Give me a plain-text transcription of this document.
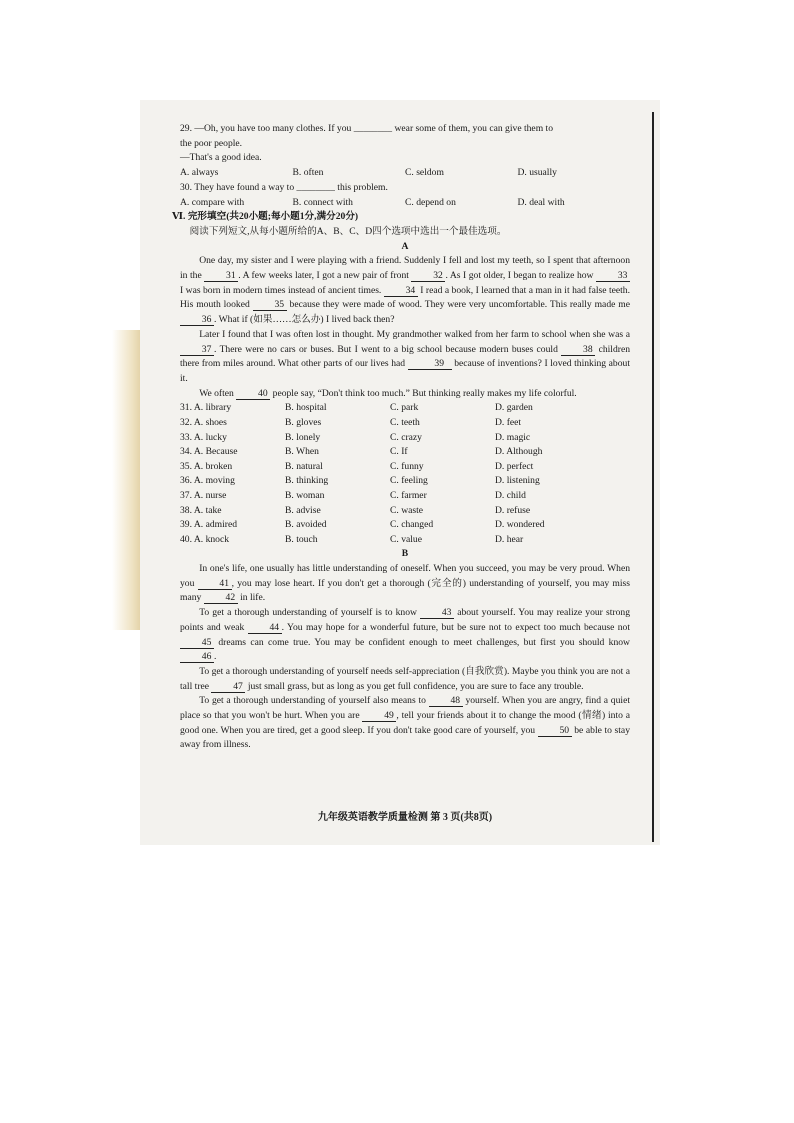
29. —Oh, you have too many clothes. If you ________ wear some of them, you can give them to

the poor people.

—That's a good idea.

A. always	B. often	C. seldom	D. usually

30. They have found a way to ________ this problem.

A. compare with	B. connect with	C. depend on	D. deal with

Ⅵ. 完形填空(共20小题;每小题1分,满分20分)

阅读下列短文,从每小题所给的A、B、C、D四个选项中选出一个最佳选项。

A

One day, my sister and I were playing with a friend. Suddenly I fell and lost my teeth, so I spent that afternoon in the 31 . A few weeks later, I got a new pair of front 32 . As I got older, I began to realize how 33 I was born in modern times instead of ancient times. 34 I read a book, I learned that a man in it had false teeth. His mouth looked 35 because they were made of wood. They were very uncomfortable. This really made me 36 . What if (如果……怎么办) I lived back then?

Later I found that I was often lost in thought. My grandmother walked from her farm to school when she was a 37 . There were no cars or buses. But I went to a big school because modern buses could 38 children there from miles around. What other parts of our lives had	39 because of inventions? I loved thinking about it.

We often 40 people say, “Don't think too much.” But thinking really makes my life colorful.

31. A. library	B. hospital	C. park	D. garden
32. A. shoes	B. gloves	C. teeth	D. feet
33. A. lucky	B. lonely	C. crazy	D. magic
34. A. Because	B. When	C. If	D. Although
35. A. broken	B. natural	C. funny	D. perfect
36. A. moving	B. thinking	C. feeling	D. listening
37. A. nurse	B. woman	C. farmer	D. child
38. A. take	B. advise	C. waste	D. refuse
39. A. admired	B. avoided	C. changed	D. wondered
40. A. knock	B. touch	C. value	D. hear

B

In one's life, one usually has little understanding of oneself. When you succeed, you may be very proud. When you 41 , you may lose heart. If you don't get a thorough (完全的) understanding of yourself, you may miss many 42 in life.

To get a thorough understanding of yourself is to know 43 about yourself. You may realize your strong points and weak 44 . You may hope for a wonderful future, but be sure not to expect too much because not 45 dreams can come true. You may be confident enough to meet challenges, but first you should know 46 .

To get a thorough understanding of yourself needs self-appreciation (自我欣赏). Maybe you think you are not a tall tree 47 just small grass, but as long as you get full confidence, you are sure to face any trouble.

To get a thorough understanding of yourself also means to 48 yourself. When you are angry, find a quiet place so that you won't be hurt. When you are 49 , tell your friends about it to change the mood (情绪) into a good one. When you are tired, get a good sleep. If you don't take good care of yourself, you 50 be able to stay away from illness.

九年级英语教学质量检测 第 3 页(共8页)
